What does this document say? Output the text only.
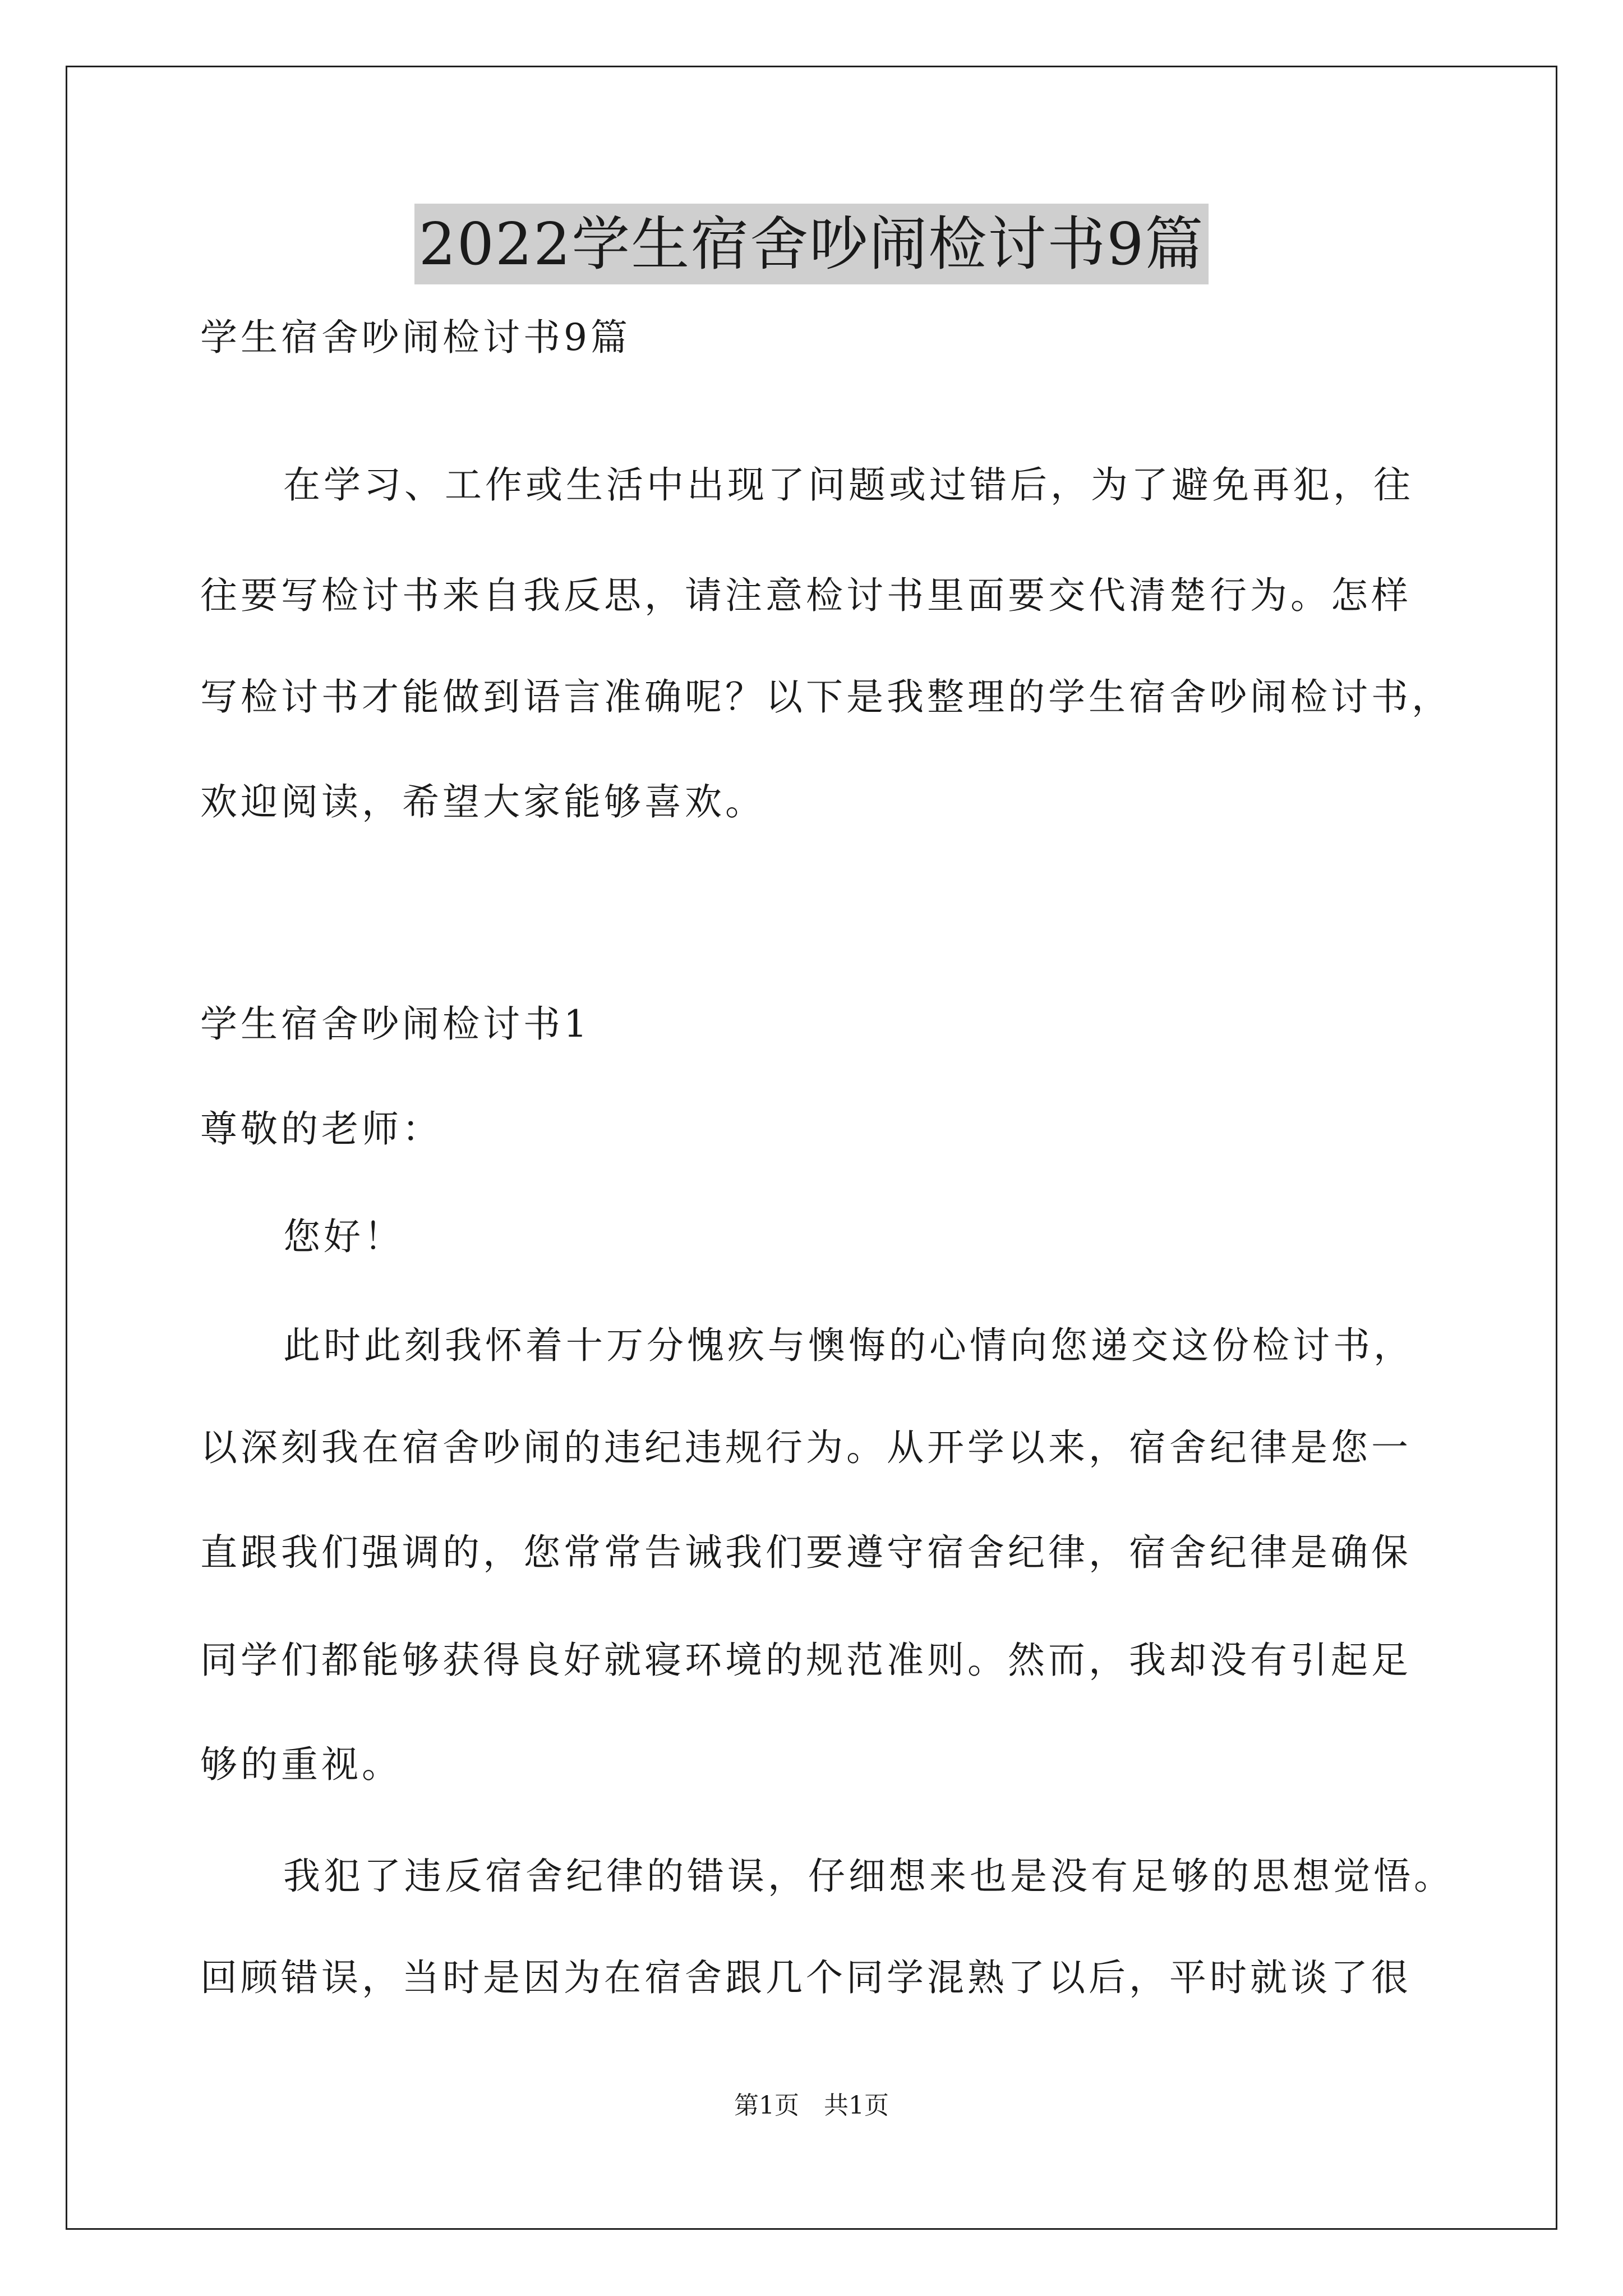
2022学生宿舍吵闹检讨书9篇
学生宿舍吵闹检讨书9篇
在学习、工作或生活中出现了问题或过错后，为了避免再犯，往
往要写检讨书来自我反思，请注意检讨书里面要交代清楚行为。怎样
写检讨书才能做到语言准确呢？以下是我整理的学生宿舍吵闹检讨书，
欢迎阅读，希望大家能够喜欢。
学生宿舍吵闹检讨书1
尊敬的老师：
您好！
此时此刻我怀着十万分愧疚与懊悔的心情向您递交这份检讨书，
以深刻我在宿舍吵闹的违纪违规行为。从开学以来，宿舍纪律是您一
直跟我们强调的，您常常告诫我们要遵守宿舍纪律，宿舍纪律是确保
同学们都能够获得良好就寝环境的规范准则。然而，我却没有引起足
够的重视。
我犯了违反宿舍纪律的错误，仔细想来也是没有足够的思想觉悟。
回顾错误，当时是因为在宿舍跟几个同学混熟了以后，平时就谈了很
第1页　共1页
